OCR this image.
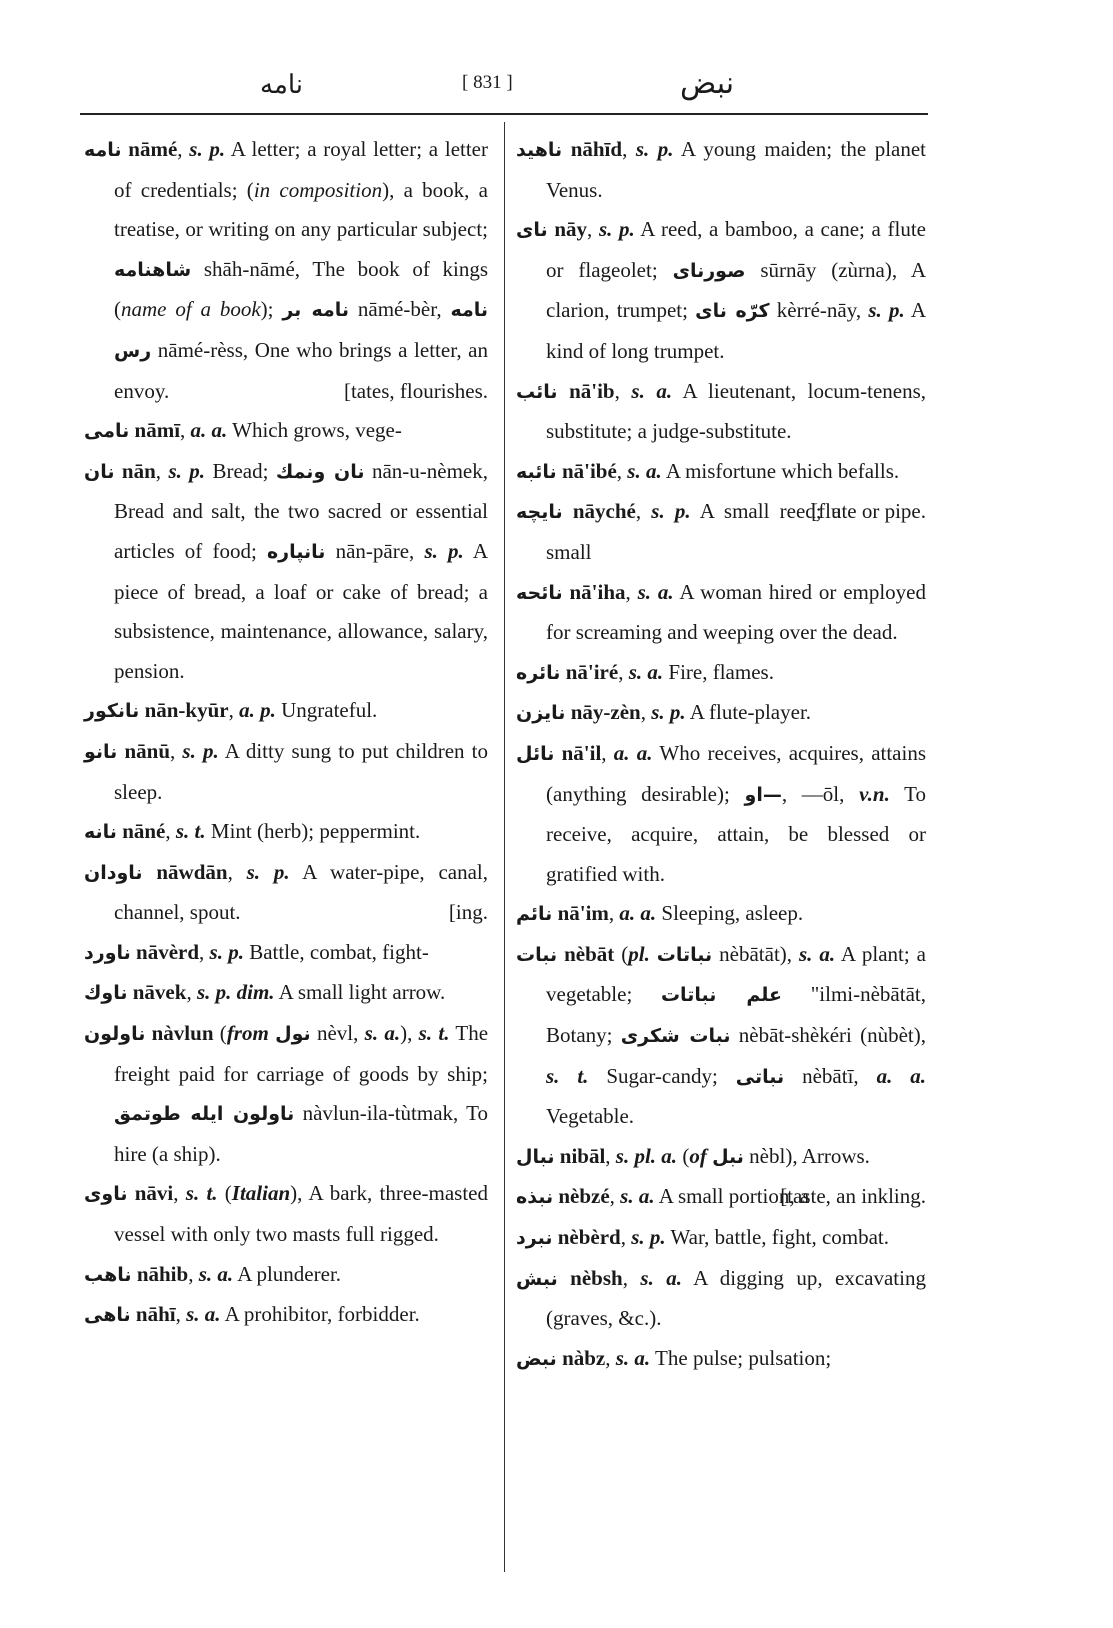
نامه	[ 831 ]	نبض

نامه nāmé, s. p. A letter; a royal letter; a letter of credentials; (in composition), a book, a treatise, or writing on any particular subject; شاهنامه shāh-nāmé, The book of kings (name of a book); نامه بر nāmé-bèr, نامه رس nāmé-rèss, One who brings a letter, an envoy.	[tates, flourishes.

نامی nāmī, a. a. Which grows, vege-

نان nān, s. p. Bread; نان ونمك nān-u-nèmek, Bread and salt, the two sacred or essential articles of food; نانپاره nān-pāre, s. p. A piece of bread, a loaf or cake of bread; a subsistence, maintenance, allowance, salary, pension.

نانكور nān-kyūr, a. p. Ungrateful.

نانو nānū, s. p. A ditty sung to put children to sleep.

نانه nāné, s. t. Mint (herb); peppermint.

ناودان nāwdān, s. p. A water-pipe, canal, channel, spout.	[ing.

ناورد nāvèrd, s. p. Battle, combat, fight-

ناوك nāvek, s. p. dim. A small light arrow.

ناولون nàvlun (from نول nèvl, s. a.), s. t. The freight paid for carriage of goods by ship; ناولون ايله طوتمق nàvlun-ila-tùtmak, To hire (a ship).

ناوى nāvi, s. t. (Italian), A bark, three-masted vessel with only two masts full rigged.

ناهب nāhib, s. a. A plunderer.

ناهى nāhī, s. a. A prohibitor, forbidder.

ناهيد nāhīd, s. p. A young maiden; the planet Venus.

نای nāy, s. p. A reed, a bamboo, a cane; a flute or flageolet; صورنای sūrnāy (zùrna), A clarion, trumpet; كرّه نای kèrré-nāy, s. p. A kind of long trumpet.

نائب nā'ib, s. a. A lieutenant, locum-tenens, substitute; a judge-substitute.

نائبه nā'ibé, s. a. A misfortune which befalls.
[flute or pipe.

نايچه nāyché, s. p. A small reed; a small

نائحه nā'iha, s. a. A woman hired or employed for screaming and weeping over the dead.

نائره nā'iré, s. a. Fire, flames.

نايزن nāy-zèn, s. p. A flute-player.

نائل nā'il, a. a. Who receives, acquires, attains (anything desirable); —او, —ōl, v.n. To receive, acquire, attain, be blessed or gratified with.

نائم nā'im, a. a. Sleeping, asleep.

نبات nèbāt (pl. نباتات nèbātāt), s. a. A plant; a vegetable; علم نباتات "ilmi-nèbātāt, Botany; نبات شكرى nèbāt-shèkéri (nùbèt), s. t. Sugar-candy; نباتى nèbātī, a. a. Vegetable.

نبال nibāl, s. pl. a. (of نبل nèbl), Arrows.
[taste, an inkling.

نبذه nèbzé, s. a. A small portion, a

نبرد nèbèrd, s. p. War, battle, fight, combat.

نبش nèbsh, s. a. A digging up, excavating (graves, &c.).

نبض nàbz, s. a. The pulse; pulsation;
